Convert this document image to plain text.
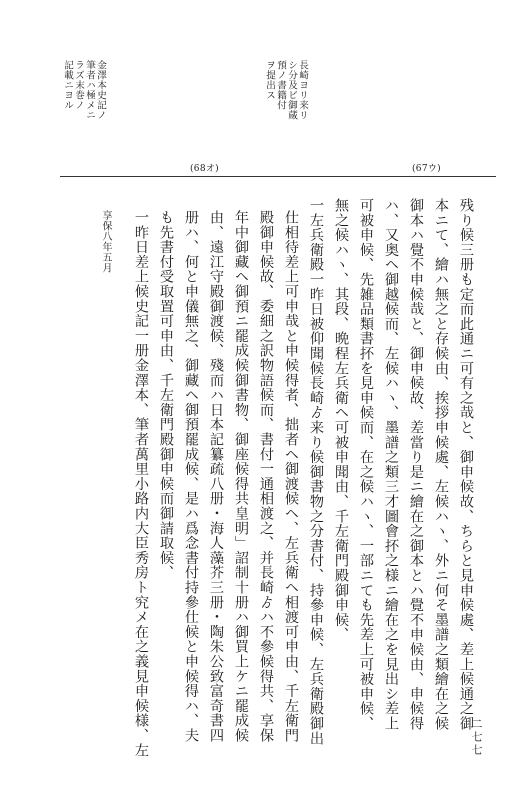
長崎ヨリ来リ
シ分及ビ御蔵
預ノ書籍付
ヲ提出ス
金澤本史記ノ
筆者ハ極メニ
ラズ末巻ノ
記載ニヨル
(68オ)	(67ウ)
残り候三册も定而此通ニ可有之哉と、御申候故、ちらと見申候處、差上候通之御
本ニて、繪ハ無之と存候由、挨拶申候處、左候ハヽ、外ニ何そ墨譜之類繪在之候
御本ハ覺不申候哉と、御申候故、差當り是ニ繪在之御本とハ覺不申候由、申候得
ハ、又奥ヘ御越候而、左候ハヽ、墨譜之類三才圖會抔之様ニ繪在之を見出シ差上
可被申候、先雑品類書抔を見申候而、在之候ハヽ、一部ニても先差上可被申候、
無之候ハヽ、其段、晩程左兵衛ヘ可被申聞由、千左衛門殿御申候、
一左兵衛殿一昨日被仰聞候長崎ゟ来り候御書物之分書付、持參申候、左兵衛殿御出
仕相待差上可申哉と申候得者、拙者ヘ御渡候ヘ、左兵衛ヘ相渡可申由、千左衛門
殿御申候故、委細之訳物語候而、書付一通相渡之、并長崎ゟハ不參候得共、享保
年中御藏ヘ御預ニ罷成候御書物、御座候得共皇明」詔制十册ハ御買上ケニ罷成候
由、遠江守殿御渡候、殘而ハ日本記纂疏八册・海人藻芥三册・陶朱公致富奇書四
册ハ、何と申儀無之、御藏ヘ御預罷成候、是ハ爲念書付持參仕候と申候得ハ、夫
も先書付受取置可申由、千左衛門殿御申候而御請取候、
一昨日差上候史記一册金澤本、筆者萬里小路内大臣秀房ト究メ在之義見申候様、左
享保八年五月
二七七
